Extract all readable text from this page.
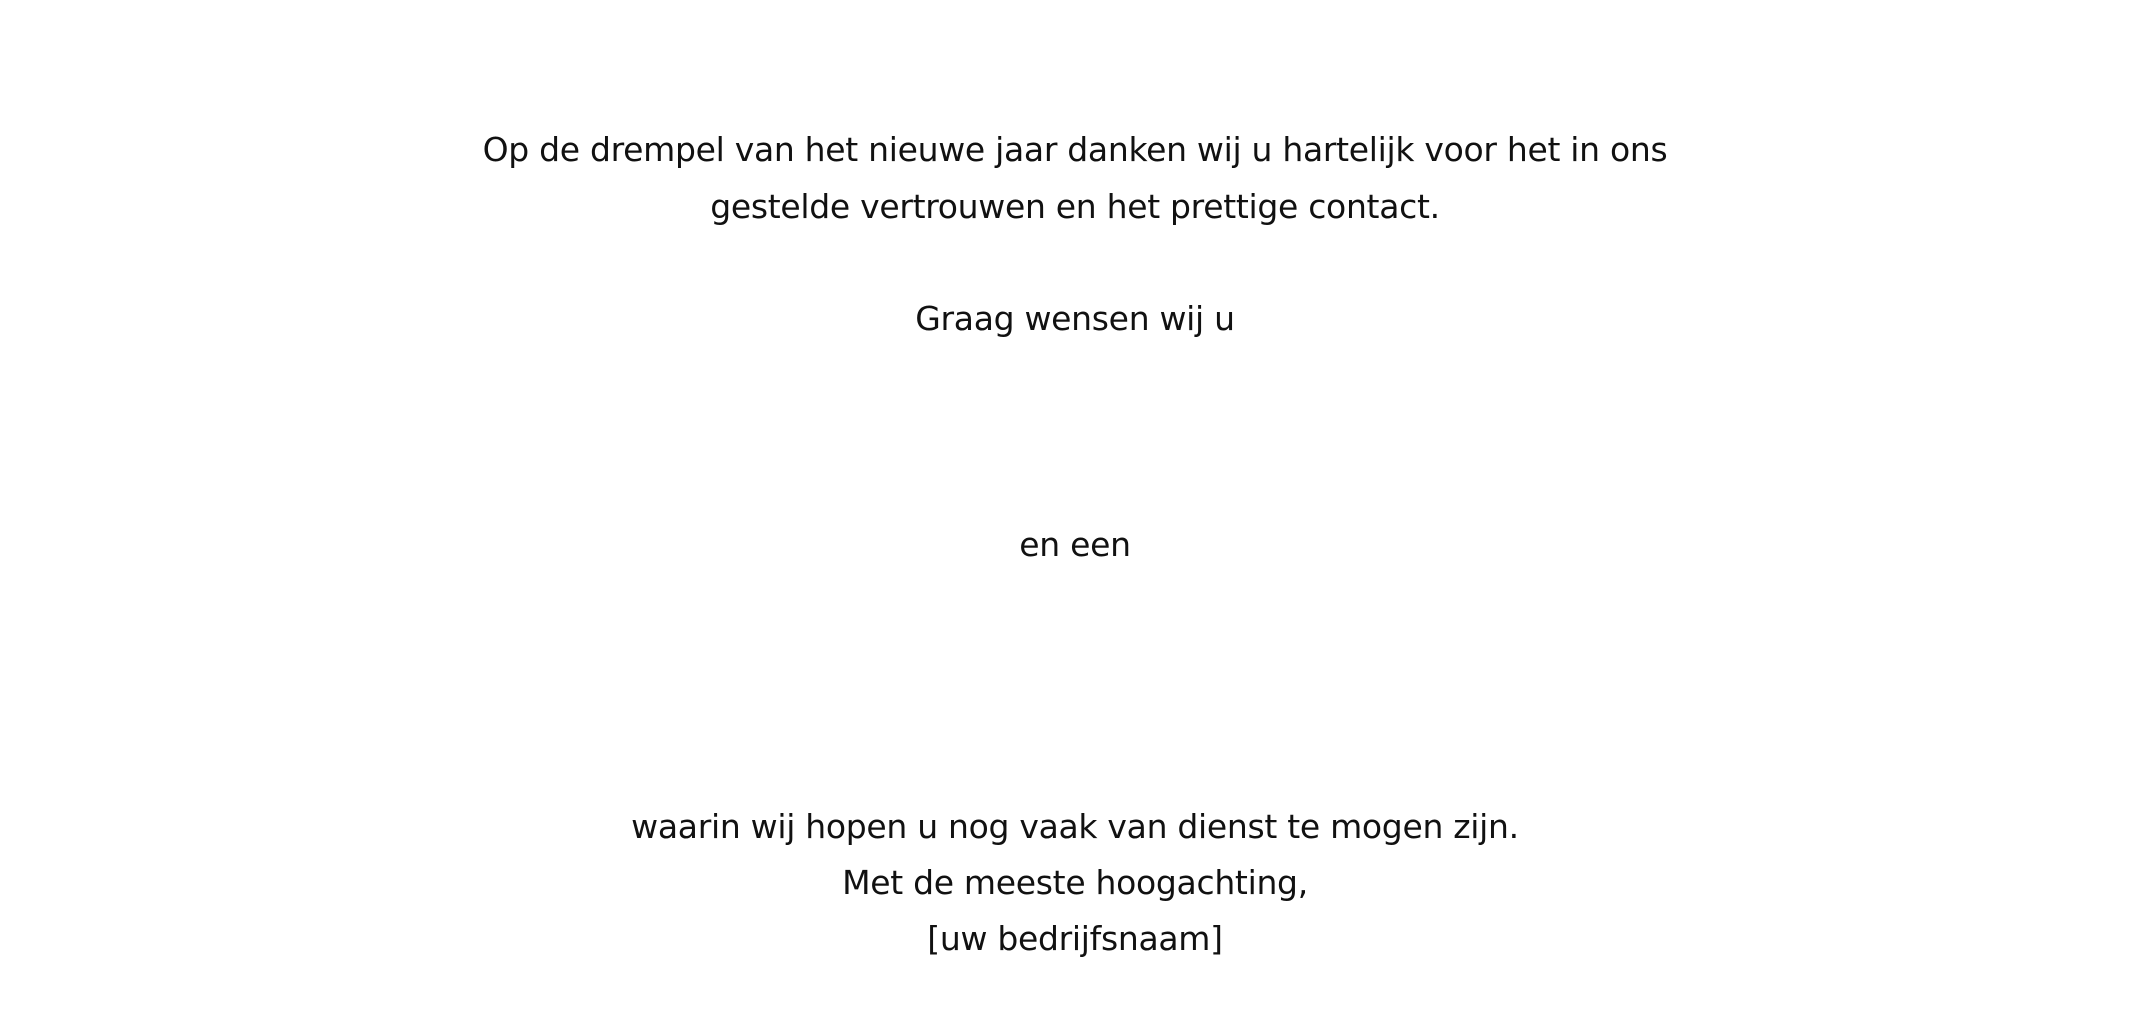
Op de drempel van het nieuwe jaar danken wij u hartelijk voor het in ons
gestelde vertrouwen en het prettige contact.
Graag wensen wij u
en een
waarin wij hopen u nog vaak van dienst te mogen zijn.
Met de meeste hoogachting,
[uw bedrijfsnaam]
